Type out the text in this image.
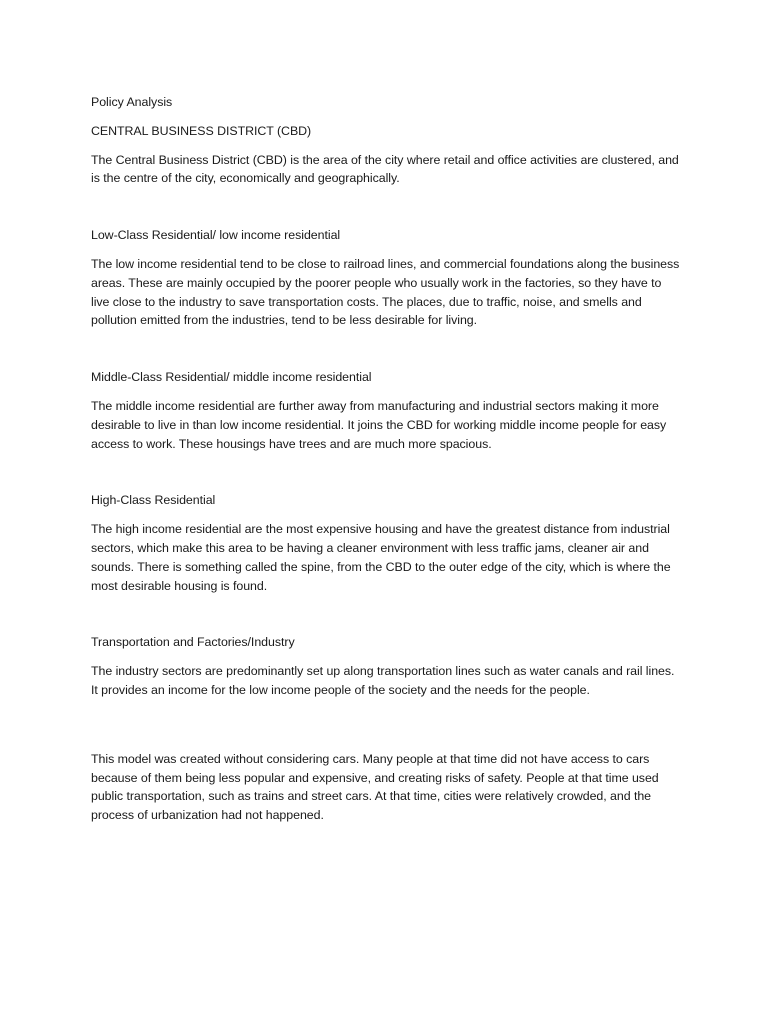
Policy Analysis

CENTRAL BUSINESS DISTRICT (CBD)

The Central Business District (CBD) is the area of the city where retail and office activities are clustered, and is the centre of the city, economically and geographically.

Low-Class Residential/ low income residential

The low income residential tend to be close to railroad lines, and commercial foundations along the business areas. These are mainly occupied by the poorer people who usually work in the factories, so they have to live close to the industry to save transportation costs. The places, due to traffic, noise, and smells and pollution emitted from the industries, tend to be less desirable for living.

Middle-Class Residential/ middle income residential

The middle income residential are further away from manufacturing and industrial sectors making it more desirable to live in than low income residential. It joins the CBD for working middle income people for easy access to work. These housings have trees and are much more spacious.

High-Class Residential

The high income residential are the most expensive housing and have the greatest distance from industrial sectors, which make this area to be having a cleaner environment with less traffic jams, cleaner air and sounds. There is something called the spine, from the CBD to the outer edge of the city, which is where the most desirable housing is found.

Transportation and Factories/Industry

The industry sectors are predominantly set up along transportation lines such as water canals and rail lines. It provides an income for the low income people of the society and the needs for the people.

This model was created without considering cars. Many people at that time did not have access to cars because of them being less popular and expensive, and creating risks of safety. People at that time used public transportation, such as trains and street cars. At that time, cities were relatively crowded, and the process of urbanization had not happened.
